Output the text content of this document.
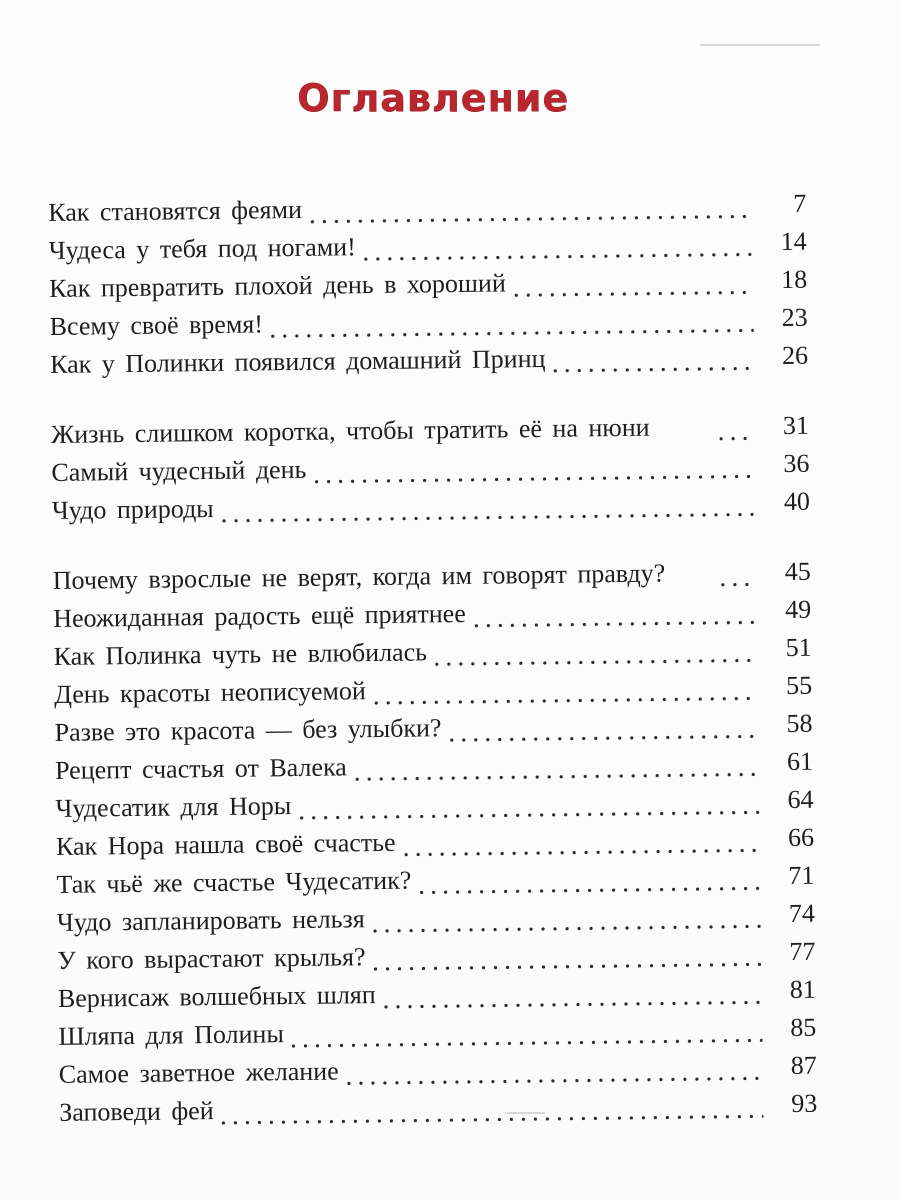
Оглавление
Как становятся феями	7
Чудеса у тебя под ногами!	14
Как превратить плохой день в хороший	18
Всему своё время!	23
Как у Полинки появился домашний Принц	26
Жизнь слишком коротка, чтобы тратить её на нюни	31
Самый чудесный день	36
Чудо природы	40
Почему взрослые не верят, когда им говорят правду?	45
Неожиданная радость ещё приятнее	49
Как Полинка чуть не влюбилась	51
День красоты неописуемой	55
Разве это красота — без улыбки?	58
Рецепт счастья от Валека	61
Чудесатик для Норы	64
Как Нора нашла своё счастье	66
Так чьё же счастье Чудесатик?	71
Чудо запланировать нельзя	74
У кого вырастают крылья?	77
Вернисаж волшебных шляп	81
Шляпа для Полины	85
Самое заветное желание	87
Заповеди фей	93
